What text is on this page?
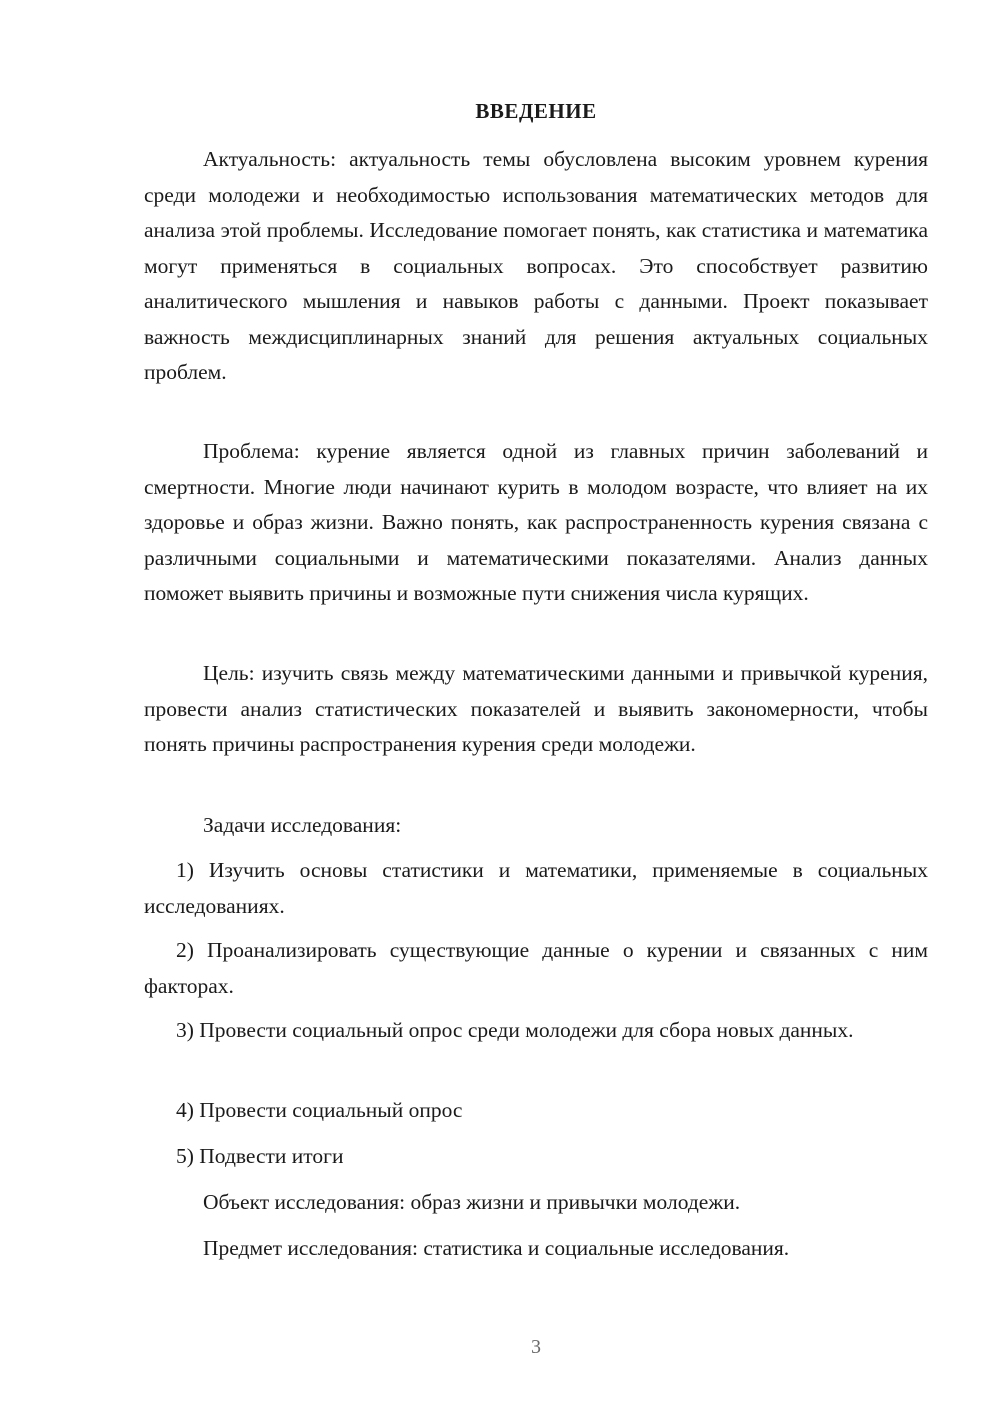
ВВЕДЕНИЕ

Актуальность: актуальность темы обусловлена высоким уровнем курения среди молодежи и необходимостью использования математических методов для анализа этой проблемы. Исследование помогает понять, как статистика и математика могут применяться в социальных вопросах. Это способствует развитию аналитического мышления и навыков работы с данными. Проект показывает важность междисциплинарных знаний для решения актуальных социальных проблем.

Проблема: курение является одной из главных причин заболеваний и смертности. Многие люди начинают курить в молодом возрасте, что влияет на их здоровье и образ жизни. Важно понять, как распространенность курения связана с различными социальными и математическими показателями. Анализ данных поможет выявить причины и возможные пути снижения числа курящих.

Цель: изучить связь между математическими данными и привычкой курения, провести анализ статистических показателей и выявить закономерности, чтобы понять причины распространения курения среди молодежи.

Задачи исследования:

1) Изучить основы статистики и математики, применяемые в социальных исследованиях.

2) Проанализировать существующие данные о курении и связанных с ним факторах.

3) Провести социальный опрос среди молодежи для сбора новых данных.

4) Провести социальный опрос

5) Подвести итоги

Объект исследования: образ жизни и привычки молодежи.

Предмет исследования: статистика и социальные исследования.

3
